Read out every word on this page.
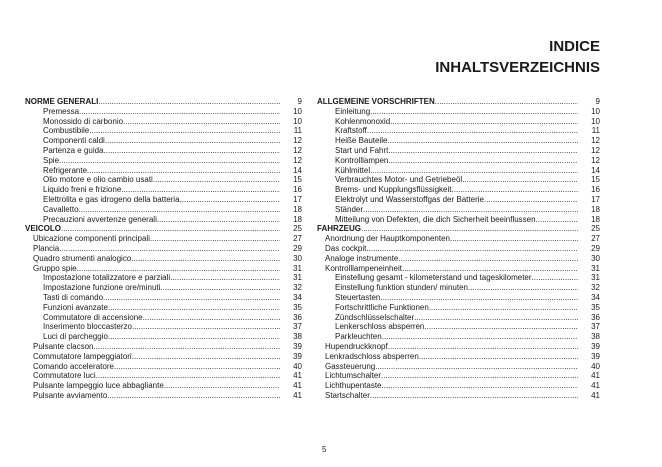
INDICE
INHALTSVERZEICHNIS
NORME GENERALI .....	9
Premessa .....	10
Monossido di carbonio .....	10
Combustibile .....	11
Componenti caldi .....	12
Partenza e guida .....	12
Spie .....	12
Refrigerante .....	14
Olio motore e olio cambio usati .....	15
Liquido freni e frizione .....	16
Elettrolita e gas idrogeno della batteria .....	17
Cavalletto .....	18
Precauzioni avvertenze generali .....	18
VEICOLO .....	25
Ubicazione componenti principali .....	27
Plancia .....	29
Quadro strumenti analogico .....	30
Gruppo spie .....	31
Impostazione totalizzatore e parziali .....	31
Impostazione funzione ore/minuti .....	32
Tasti di comando .....	34
Funzioni avanzate .....	35
Commutatore di accensione .....	36
Inserimento bloccasterzo .....	37
Luci di parcheggio .....	38
Pulsante clacson .....	39
Commutatore lampeggiatori .....	39
Comando acceleratore .....	40
Commutatore luci .....	41
Pulsante lampeggio luce abbagliante .....	41
Pulsante avviamento .....	41
ALLGEMEINE VORSCHRIFTEN .....	9
Einleitung .....	10
Kohlenmonoxid .....	10
Kraftstoff .....	11
Heiße Bauteile .....	12
Start und Fahrt .....	12
Kontrolllampen .....	12
Kühlmittel .....	14
Verbrauchtes Motor- und Getriebeöl .....	15
Brems- und Kupplungsflüssigkeit .....	16
Elektrolyt und Wasserstoffgas der Batterie .....	17
Ständer .....	18
Mitteilung von Defekten, die dich Sicherheit beeinflussen .....	18
FAHRZEUG .....	25
Anordnung der Hauptkomponenten .....	27
Das cockpit .....	29
Analoge instrumente .....	30
Kontrolllampeneinheit .....	31
Einstellung gesamt - kilometerstand und tageskilometer .....	31
Einstellung funktion stunden/ minuten .....	32
Steuertasten .....	34
Fortschrittliche Funktionen .....	35
Zündschlüsselschalter .....	36
Lenkerschloss absperren .....	37
Parkleuchten .....	38
Hupendruckknopf .....	39
Lenkradschloss absperren .....	39
Gassteuerung .....	40
Lichtumschalter .....	41
Lichthupentaste .....	41
Startschalter .....	41
5
